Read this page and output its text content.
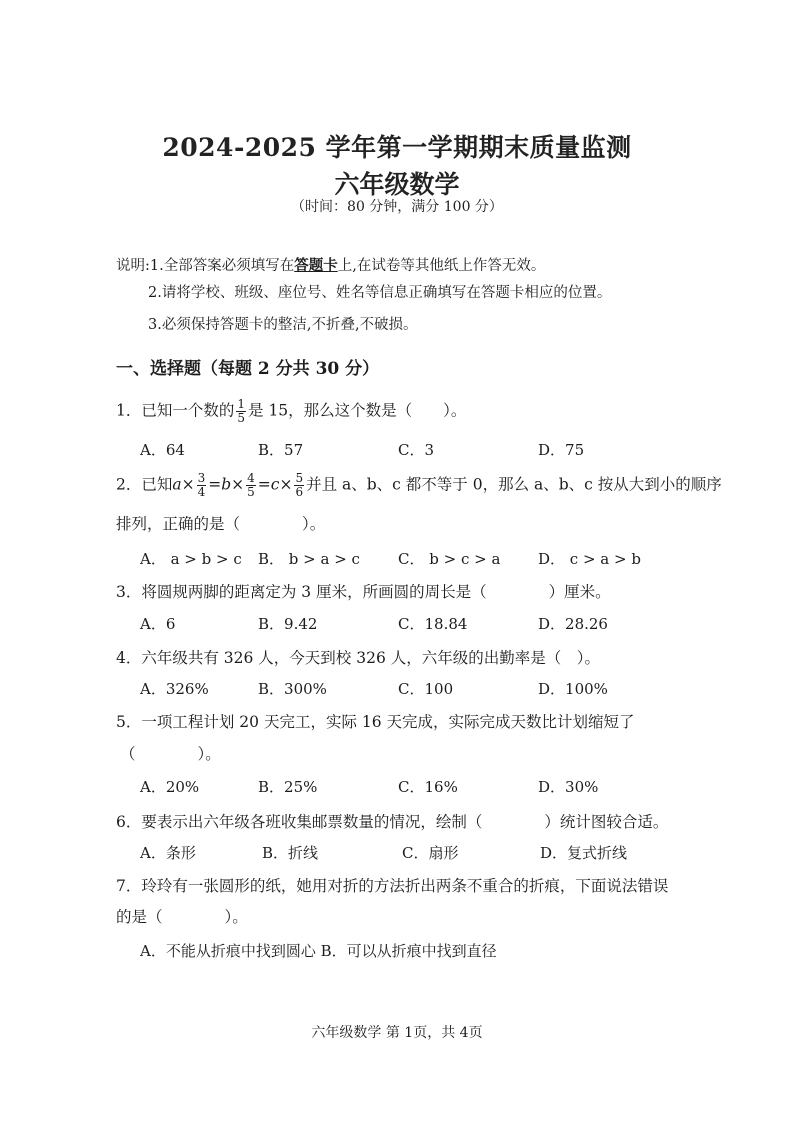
2024-2025 学年第一学期期末质量监测
六年级数学
（时间：80 分钟，满分 100 分）
说明:1.全部答案必须填写在答题卡上,在试卷等其他纸上作答无效。
2.请将学校、班级、座位号、姓名等信息正确填写在答题卡相应的位置。
3.必须保持答题卡的整洁,不折叠,不破损。
一、选择题（每题 2 分共 30 分）
1．已知一个数的 $\frac{1}{5}$ 是 15，那么这个数是（　　）。
A．64	B．57	C．3	D．75
2．已知$a\times \frac{3}{4} =b\times \frac{4}{5} =c\times \frac{5}{6}$ 并且 a、b、c 都不等于 0，那么 a、b、c 按从大到小的顺序
排列，正确的是（　　　　）。
A． a > b > c B． b > a > c	C． b > c > a	D． c > a > b
3．将圆规两脚的距离定为 3 厘米，所画圆的周长是（　　　　）厘米。
A．6	B．9.42	C．18.84	D．28.26
4．六年级共有 326 人，今天到校 326 人，六年级的出勤率是（　）。
A．326%	B．300%	C．100	D．100%
5．一项工程计划 20 天完工，实际 16 天完成，实际完成天数比计划缩短了
（　　　　）。
A．20%	B．25%	C．16%	D．30%
6．要表示出六年级各班收集邮票数量的情况，绘制（　　　　）统计图较合适。
A．条形	B．折线	C．扇形	D．复式折线
7．玲玲有一张圆形的纸，她用对折的方法折出两条不重合的折痕，下面说法错误
的是（　　　　）。
A．不能从折痕中找到圆心 B．可以从折痕中找到直径
六年级数学 第 1页，共 4页
